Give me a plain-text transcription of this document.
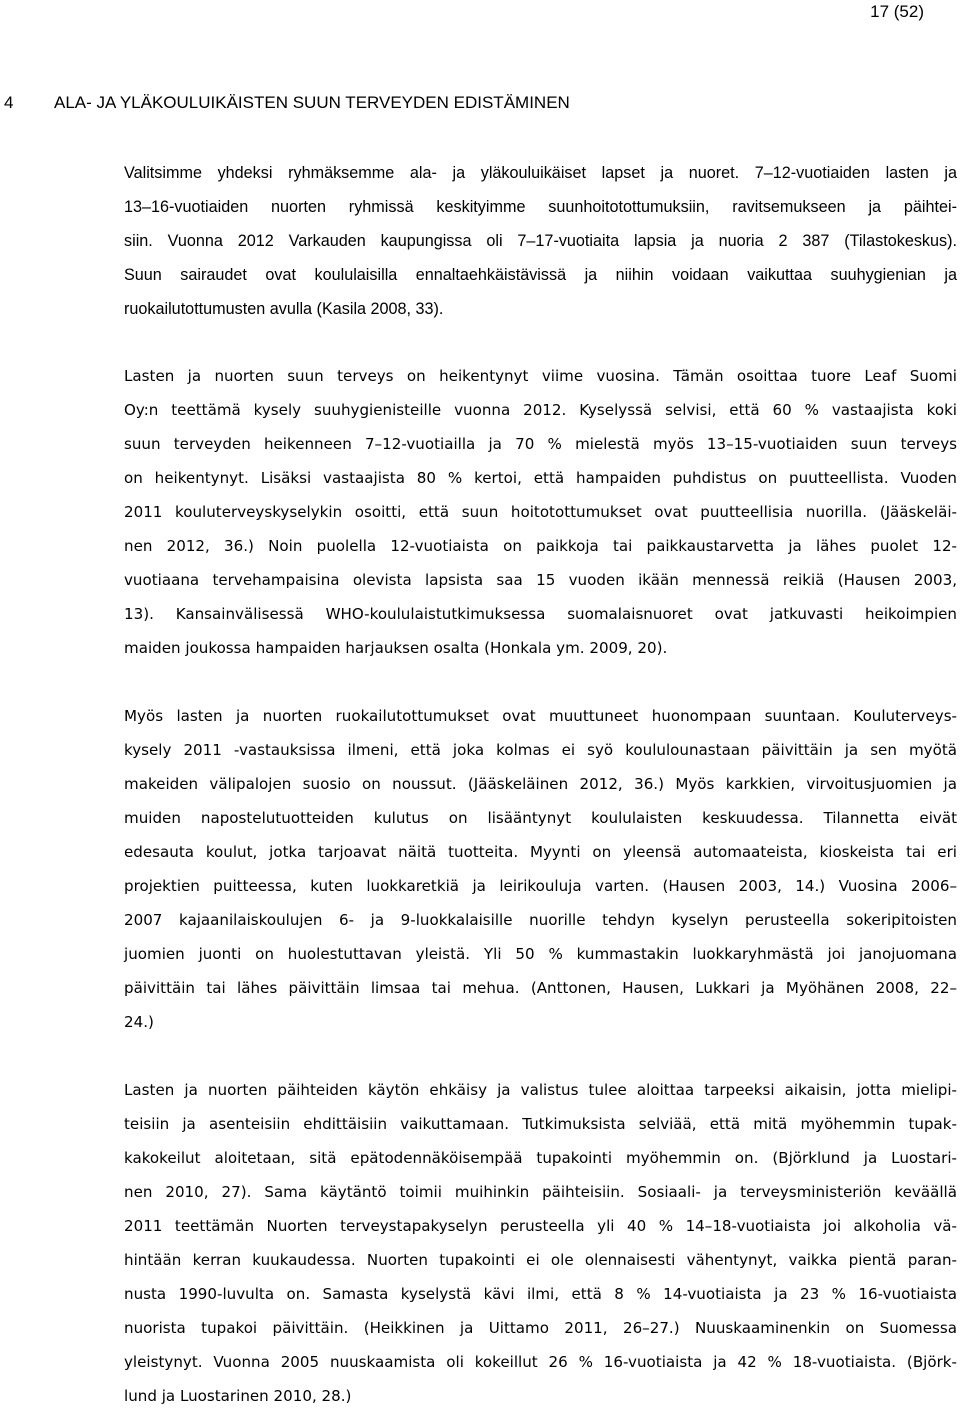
17 (52)
4 ALA- JA YLÄKOULUIKÄISTEN SUUN TERVEYDEN EDISTÄMINEN
Valitsimme yhdeksi ryhmäksemme ala- ja yläkouluikäiset lapset ja nuoret. 7–12-vuotiaiden lasten ja
13–16-vuotiaiden nuorten ryhmissä keskityimme suunhoitotottumuksiin, ravitsemukseen ja päihtei-
siin. Vuonna 2012 Varkauden kaupungissa oli 7–17-vuotiaita lapsia ja nuoria 2 387 (Tilastokeskus).
Suun sairaudet ovat koululaisilla ennaltaehkäistävissä ja niihin voidaan vaikuttaa suuhygienian ja
ruokailutottumusten avulla (Kasila 2008, 33).
Lasten ja nuorten suun terveys on heikentynyt viime vuosina. Tämän osoittaa tuore Leaf Suomi
Oy:n teettämä kysely suuhygienisteille vuonna 2012. Kyselyssä selvisi, että 60 % vastaajista koki
suun terveyden heikenneen 7–12-vuotiailla ja 70 % mielestä myös 13–15-vuotiaiden suun terveys
on heikentynyt. Lisäksi vastaajista 80 % kertoi, että hampaiden puhdistus on puutteellista. Vuoden
2011 kouluterveyskyselykin osoitti, että suun hoitotottumukset ovat puutteellisia nuorilla. (Jääskeläi-
nen 2012, 36.) Noin puolella 12-vuotiaista on paikkoja tai paikkaustarvetta ja lähes puolet 12-
vuotiaana tervehampaisina olevista lapsista saa 15 vuoden ikään mennessä reikiä (Hausen 2003,
13). Kansainvälisessä WHO-koululaistutkimuksessa suomalaisnuoret ovat jatkuvasti heikoimpien
maiden joukossa hampaiden harjauksen osalta (Honkala ym. 2009, 20).
Myös lasten ja nuorten ruokailutottumukset ovat muuttuneet huonompaan suuntaan. Kouluterveys-
kysely 2011 -vastauksissa ilmeni, että joka kolmas ei syö koululounastaan päivittäin ja sen myötä
makeiden välipalojen suosio on noussut. (Jääskeläinen 2012, 36.) Myös karkkien, virvoitusjuomien ja
muiden napostelutuotteiden kulutus on lisääntynyt koululaisten keskuudessa. Tilannetta eivät
edesauta koulut, jotka tarjoavat näitä tuotteita. Myynti on yleensä automaateista, kioskeista tai eri
projektien puitteessa, kuten luokkaretkiä ja leirikouluja varten. (Hausen 2003, 14.) Vuosina 2006–
2007 kajaanilaiskoulujen 6- ja 9-luokkalaisille nuorille tehdyn kyselyn perusteella sokeripitoisten
juomien juonti on huolestuttavan yleistä. Yli 50 % kummastakin luokkaryhmästä joi janojuomana
päivittäin tai lähes päivittäin limsaa tai mehua. (Anttonen, Hausen, Lukkari ja Myöhänen 2008, 22–
24.)
Lasten ja nuorten päihteiden käytön ehkäisy ja valistus tulee aloittaa tarpeeksi aikaisin, jotta mielipi-
teisiin ja asenteisiin ehdittäisiin vaikuttamaan. Tutkimuksista selviää, että mitä myöhemmin tupak-
kakokeilut aloitetaan, sitä epätodennäköisempää tupakointi myöhemmin on. (Björklund ja Luostari-
nen 2010, 27). Sama käytäntö toimii muihinkin päihteisiin. Sosiaali- ja terveysministeriön keväällä
2011 teettämän Nuorten terveystapakyselyn perusteella yli 40 % 14–18-vuotiaista joi alkoholia vä-
hintään kerran kuukaudessa. Nuorten tupakointi ei ole olennaisesti vähentynyt, vaikka pientä paran-
nusta 1990-luvulta on. Samasta kyselystä kävi ilmi, että 8 % 14-vuotiaista ja 23 % 16-vuotiaista
nuorista tupakoi päivittäin. (Heikkinen ja Uittamo 2011, 26–27.) Nuuskaaminenkin on Suomessa
yleistynyt. Vuonna 2005 nuuskaamista oli kokeillut 26 % 16-vuotiaista ja 42 % 18-vuotiaista. (Björk-
lund ja Luostarinen 2010, 28.)
